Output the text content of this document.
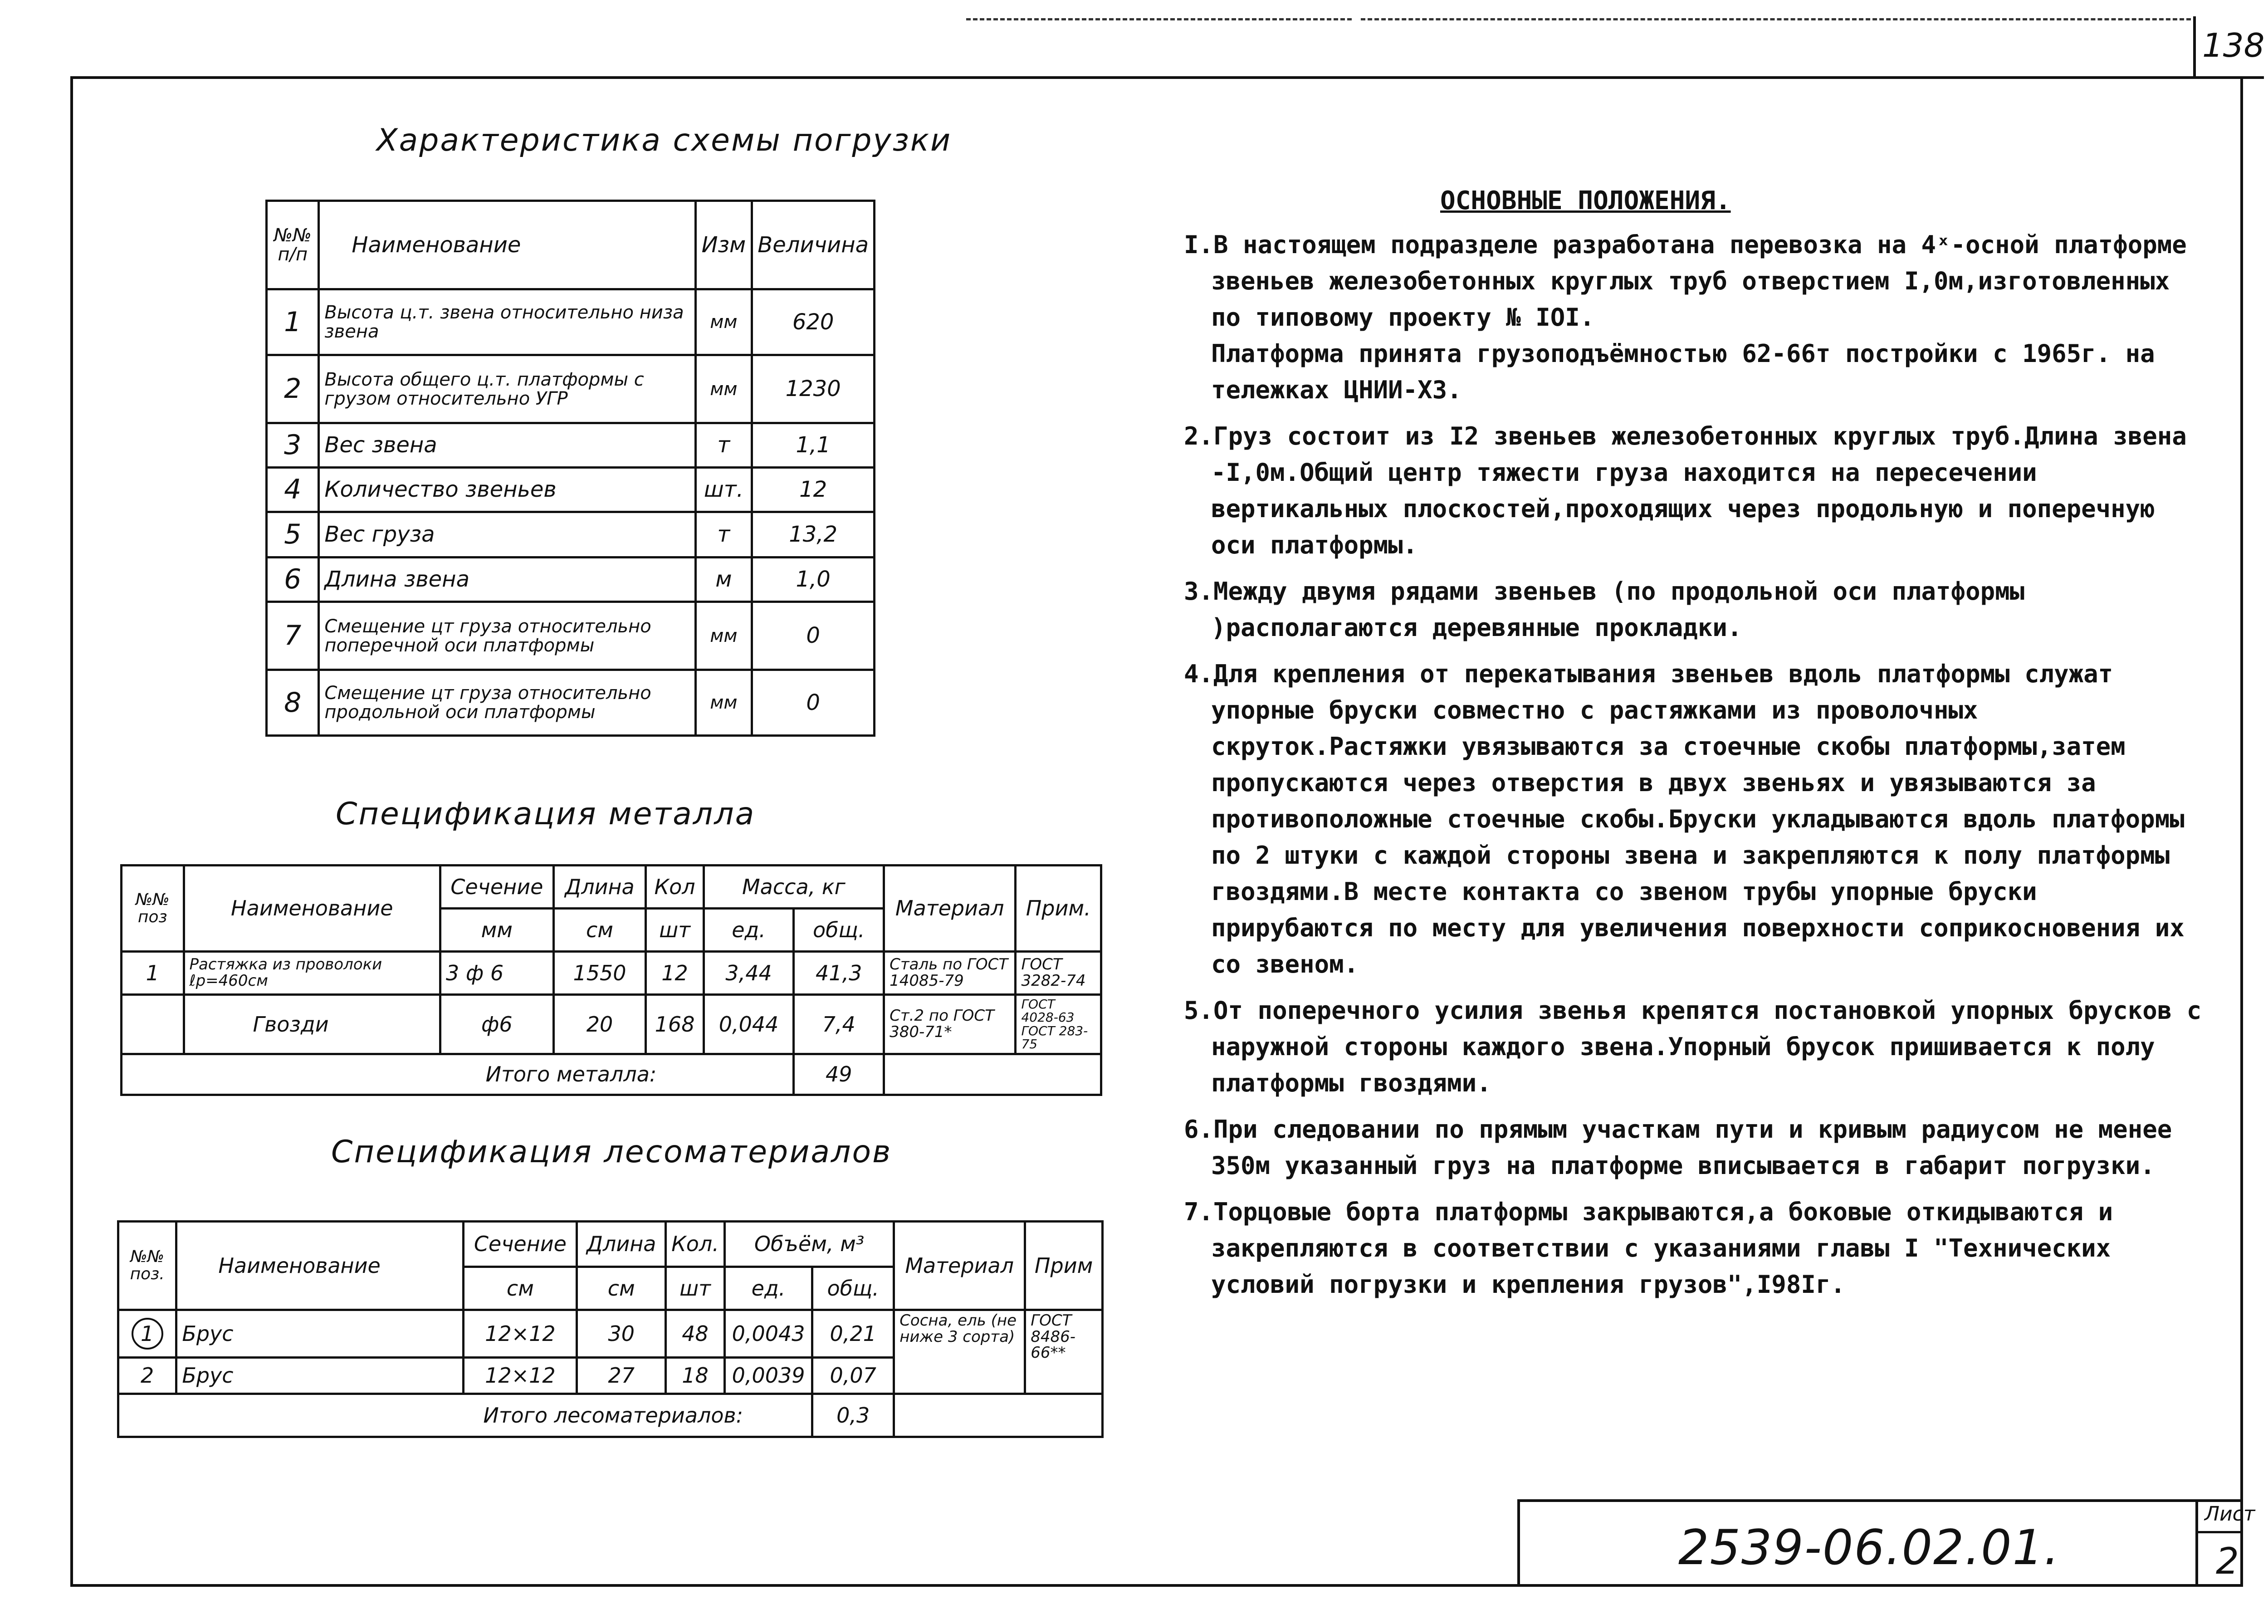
138
Характеристика схемы погрузки
№№ п/п	Наименование	Изм	Величина
1	Высота ц.т. звена относительно низа звена	мм	620
2	Высота общего ц.т. платформы с грузом относительно УГР	мм	1230
3	Вес звена	т	1,1
4	Количество звеньев	шт.	12
5	Вес груза	т	13,2
6	Длина звена	м	1,0
7	Смещение цт груза относительно поперечной оси платформы	мм	0
8	Смещение цт груза относительно продольной оси платформы	мм	0
Спецификация металла
№№ поз	Наименование	Сечение	Длина	Кол	Масса, кг		Материал	Прим.
		мм	см	шт	ед.	общ.		
1	Растяжка из проволоки ℓр=460см	3 ф 6	1550	12	3,44	41,3	Сталь по ГОСТ 14085-79	ГОСТ 3282-74
	Гвозди	ф6	20	168	0,044	7,4	Ст.2 по ГОСТ 380-71*	ГОСТ 4028-63 ГОСТ 283-75
Итого металла:						49		
Спецификация лесоматериалов
№№ поз.	Наименование	Сечение	Длина	Кол.	Объём, м³		Материал	Прим
		см	см	шт	ед.	общ.		
1	Брус	12×12	30	48	0,0043	0,21	Сосна, ель (не ниже 3 сорта)	ГОСТ 8486-66**
2	Брус	12×12	27	18	0,0039	0,07		
Итого лесоматериалов:						0,3		
ОСНОВНЫЕ ПОЛОЖЕНИЯ.

I.В настоящем подразделе разработана перевозка на 4ˣ-осной платформе звеньев железобетонных круглых труб отверстием I,0м,изготовленных по типовому проекту № IOI.
Платформа принята грузоподъёмностью 62-66т постройки с 1965г. на тележках ЦНИИ-Х3.

2.Груз состоит из I2 звеньев железобетонных круглых труб.Длина звена -I,0м.Общий центр тяжести груза находится на пересечении вертикальных плоскостей,проходящих через продольную и поперечную оси платформы.

3.Между двумя рядами звеньев (по продольной оси платформы )располагаются деревянные прокладки.

4.Для крепления от перекатывания звеньев вдоль платформы служат упорные бруски совместно с растяжками из проволочных скруток.Растяжки увязываются за стоечные скобы платформы,затем пропускаются через отверстия в двух звеньях и увязываются за противоположные стоечные скобы.Бруски укладываются вдоль платформы по 2 штуки с каждой стороны звена и закрепляются к полу платформы гвоздями.В месте контакта со звеном трубы упорные бруски прирубаются по месту для увеличения поверхности соприкосновения их со звеном.

5.От поперечного усилия звенья крепятся постановкой упорных брусков с наружной стороны каждого звена.Упорный брусок пришивается к полу платформы гвоздями.

6.При следовании по прямым участкам пути и кривым радиусом не менее 350м указанный груз на платформе вписывается в габарит погрузки.

7.Торцовые борта платформы закрываются,а боковые откидываются и закрепляются в соответствии с указаниями главы I "Технических условий погрузки и крепления грузов",I98Iг.

2539-06.02.01.
Лист
2
